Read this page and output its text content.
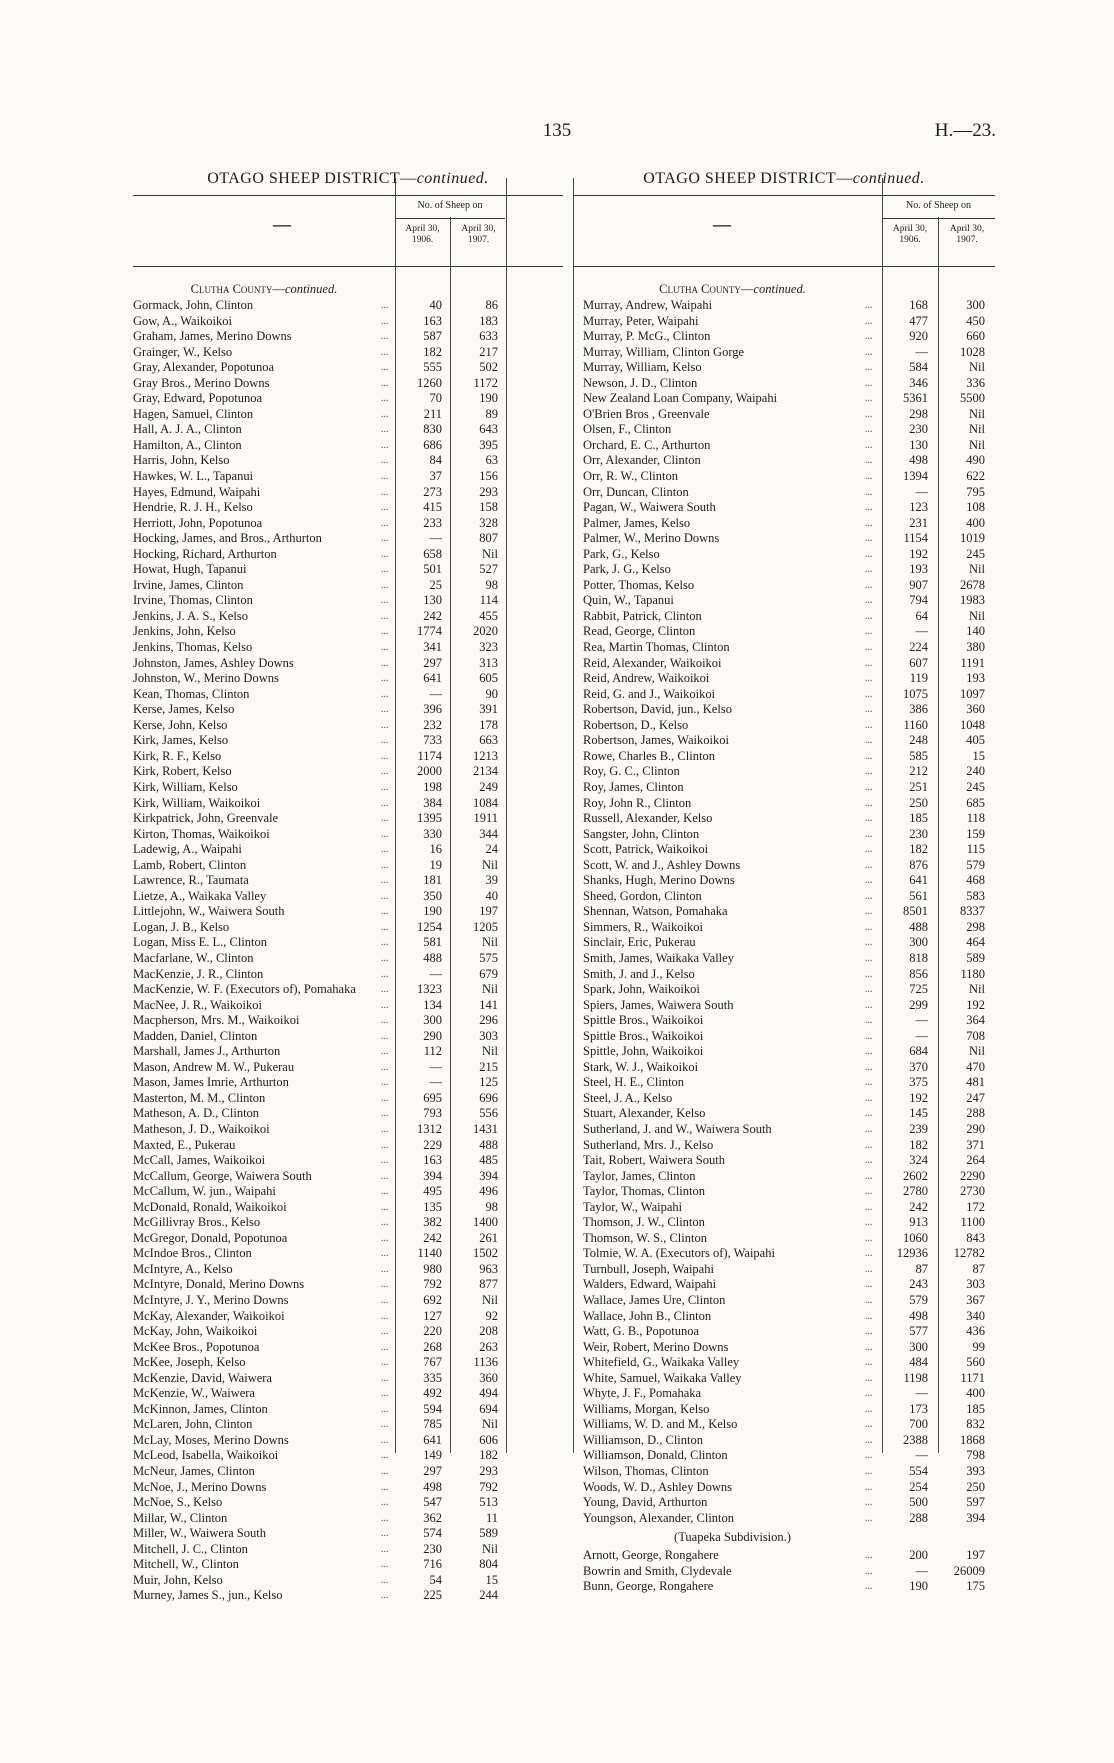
135	H.—23.
OTAGO SHEEP DISTRICT—continued.
—
No. of Sheep on
April 30, 1906.
April 30, 1907.
Clutha County—continued.
Gormack, John, Clinton	...	40	86
Gow, A., Waikoikoi	...	163	183
Graham, James, Merino Downs	...	587	633
Grainger, W., Kelso	...	182	217
Gray, Alexander, Popotunoa	...	555	502
Gray Bros., Merino Downs	...	1260	1172
Gray, Edward, Popotunoa	...	70	190
Hagen, Samuel, Clinton	...	211	89
Hall, A. J. A., Clinton	...	830	643
Hamilton, A., Clinton	...	686	395
Harris, John, Kelso	...	84	63
Hawkes, W. L., Tapanui	...	37	156
Hayes, Edmund, Waipahi	...	273	293
Hendrie, R. J. H., Kelso	...	415	158
Herriott, John, Popotunoa	...	233	328
Hocking, James, and Bros., Arthurton	...	—	807
Hocking, Richard, Arthurton	...	658	Nil
Howat, Hugh, Tapanui	...	501	527
Irvine, James, Clinton	...	25	98
Irvine, Thomas, Clinton	...	130	114
Jenkins, J. A. S., Kelso	...	242	455
Jenkins, John, Kelso	...	1774	2020
Jenkins, Thomas, Kelso	...	341	323
Johnston, James, Ashley Downs	...	297	313
Johnston, W., Merino Downs	...	641	605
Kean, Thomas, Clinton	...	—	90
Kerse, James, Kelso	...	396	391
Kerse, John, Kelso	...	232	178
Kirk, James, Kelso	...	733	663
Kirk, R. F., Kelso	...	1174	1213
Kirk, Robert, Kelso	...	2000	2134
Kirk, William, Kelso	...	198	249
Kirk, William, Waikoikoi	...	384	1084
Kirkpatrick, John, Greenvale	...	1395	1911
Kirton, Thomas, Waikoikoi	...	330	344
Ladewig, A., Waipahi	...	16	24
Lamb, Robert, Clinton	...	19	Nil
Lawrence, R., Taumata	...	181	39
Lietze, A., Waikaka Valley	...	350	40
Littlejohn, W., Waiwera South	...	190	197
Logan, J. B., Kelso	...	1254	1205
Logan, Miss E. L., Clinton	...	581	Nil
Macfarlane, W., Clinton	...	488	575
MacKenzie, J. R., Clinton	...	—	679
MacKenzie, W. F. (Executors of), Pomahaka	...	1323	Nil
MacNee, J. R., Waikoikoi	...	134	141
Macpherson, Mrs. M., Waikoikoi	...	300	296
Madden, Daniel, Clinton	...	290	303
Marshall, James J., Arthurton	...	112	Nil
Mason, Andrew M. W., Pukerau	...	—	215
Mason, James Imrie, Arthurton	...	—	125
Masterton, M. M., Clinton	...	695	696
Matheson, A. D., Clinton	...	793	556
Matheson, J. D., Waikoikoi	...	1312	1431
Maxted, E., Pukerau	...	229	488
McCall, James, Waikoikoi	...	163	485
McCallum, George, Waiwera South	...	394	394
McCallum, W. jun., Waipahi	...	495	496
McDonald, Ronald, Waikoikoi	...	135	98
McGillivray Bros., Kelso	...	382	1400
McGregor, Donald, Popotunoa	...	242	261
McIndoe Bros., Clinton	...	1140	1502
McIntyre, A., Kelso	...	980	963
McIntyre, Donald, Merino Downs	...	792	877
McIntyre, J. Y., Merino Downs	...	692	Nil
McKay, Alexander, Waikoikoi	...	127	92
McKay, John, Waikoikoi	...	220	208
McKee Bros., Popotunoa	...	268	263
McKee, Joseph, Kelso	...	767	1136
McKenzie, David, Waiwera	...	335	360
McKenzie, W., Waiwera	...	492	494
McKinnon, James, Clinton	...	594	694
McLaren, John, Clinton	...	785	Nil
McLay, Moses, Merino Downs	...	641	606
McLeod, Isabella, Waikoikoi	...	149	182
McNeur, James, Clinton	...	297	293
McNoe, J., Merino Downs	...	498	792
McNoe, S., Kelso	...	547	513
Millar, W., Clinton	...	362	11
Miller, W., Waiwera South	...	574	589
Mitchell, J. C., Clinton	...	230	Nil
Mitchell, W., Clinton	...	716	804
Muir, John, Kelso	...	54	15
Murney, James S., jun., Kelso	...	225	244
OTAGO SHEEP DISTRICT—continued.
—
No. of Sheep on
April 30, 1906.
April 30, 1907.
Clutha County—continued.
Murray, Andrew, Waipahi	...	168	300
Murray, Peter, Waipahi	...	477	450
Murray, P. McG., Clinton	...	920	660
Murray, William, Clinton Gorge	...	—	1028
Murray, William, Kelso	...	584	Nil
Newson, J. D., Clinton	...	346	336
New Zealand Loan Company, Waipahi	...	5361	5500
O'Brien Bros , Greenvale	...	298	Nil
Olsen, F., Clinton	...	230	Nil
Orchard, E. C., Arthurton	...	130	Nil
Orr, Alexander, Clinton	...	498	490
Orr, R. W., Clinton	...	1394	622
Orr, Duncan, Clinton	...	—	795
Pagan, W., Waiwera South	...	123	108
Palmer, James, Kelso	...	231	400
Palmer, W., Merino Downs	...	1154	1019
Park, G., Kelso	...	192	245
Park, J. G., Kelso	...	193	Nil
Potter, Thomas, Kelso	...	907	2678
Quin, W., Tapanui	...	794	1983
Rabbit, Patrick, Clinton	...	64	Nil
Read, George, Clinton	...	—	140
Rea, Martin Thomas, Clinton	...	224	380
Reid, Alexander, Waikoikoi	...	607	1191
Reid, Andrew, Waikoikoi	...	119	193
Reid, G. and J., Waikoikoi	...	1075	1097
Robertson, David, jun., Kelso	...	386	360
Robertson, D., Kelso	...	1160	1048
Robertson, James, Waikoikoi	...	248	405
Rowe, Charles B., Clinton	...	585	15
Roy, G. C., Clinton	...	212	240
Roy, James, Clinton	...	251	245
Roy, John R., Clinton	...	250	685
Russell, Alexander, Kelso	...	185	118
Sangster, John, Clinton	...	230	159
Scott, Patrick, Waikoikoi	...	182	115
Scott, W. and J., Ashley Downs	...	876	579
Shanks, Hugh, Merino Downs	...	641	468
Sheed, Gordon, Clinton	...	561	583
Shennan, Watson, Pomahaka	...	8501	8337
Simmers, R., Waikoikoi	...	488	298
Sinclair, Eric, Pukerau	...	300	464
Smith, James, Waikaka Valley	...	818	589
Smith, J. and J., Kelso	...	856	1180
Spark, John, Waikoikoi	...	725	Nil
Spiers, James, Waiwera South	...	299	192
Spittle Bros., Waikoikoi	...	—	364
Spittle Bros., Waikoikoi	...	—	708
Spittle, John, Waikoikoi	...	684	Nil
Stark, W. J., Waikoikoi	...	370	470
Steel, H. E., Clinton	...	375	481
Steel, J. A., Kelso	...	192	247
Stuart, Alexander, Kelso	...	145	288
Sutherland, J. and W., Waiwera South	...	239	290
Sutherland, Mrs. J., Kelso	...	182	371
Tait, Robert, Waiwera South	...	324	264
Taylor, James, Clinton	...	2602	2290
Taylor, Thomas, Clinton	...	2780	2730
Taylor, W., Waipahi	...	242	172
Thomson, J. W., Clinton	...	913	1100
Thomson, W. S., Clinton	...	1060	843
Tolmie, W. A. (Executors of), Waipahi	...	12936	12782
Turnbull, Joseph, Waipahi	...	87	87
Walders, Edward, Waipahi	...	243	303
Wallace, James Ure, Clinton	...	579	367
Wallace, John B., Clinton	...	498	340
Watt, G. B., Popotunoa	...	577	436
Weir, Robert, Merino Downs	...	300	99
Whitefield, G., Waikaka Valley	...	484	560
White, Samuel, Waikaka Valley	...	1198	1171
Whyte, J. F., Pomahaka	...	—	400
Williams, Morgan, Kelso	...	173	185
Williams, W. D. and M., Kelso	...	700	832
Williamson, D., Clinton	...	2388	1868
Williamson, Donald, Clinton	...	—	798
Wilson, Thomas, Clinton	...	554	393
Woods, W. D., Ashley Downs	...	254	250
Young, David, Arthurton	...	500	597
Youngson, Alexander, Clinton	...	288	394
(Tuapeka Subdivision.)
Arnott, George, Rongahere	...	200	197
Bowrin and Smith, Clydevale	...	—	26009
Bunn, George, Rongahere	...	190	175
